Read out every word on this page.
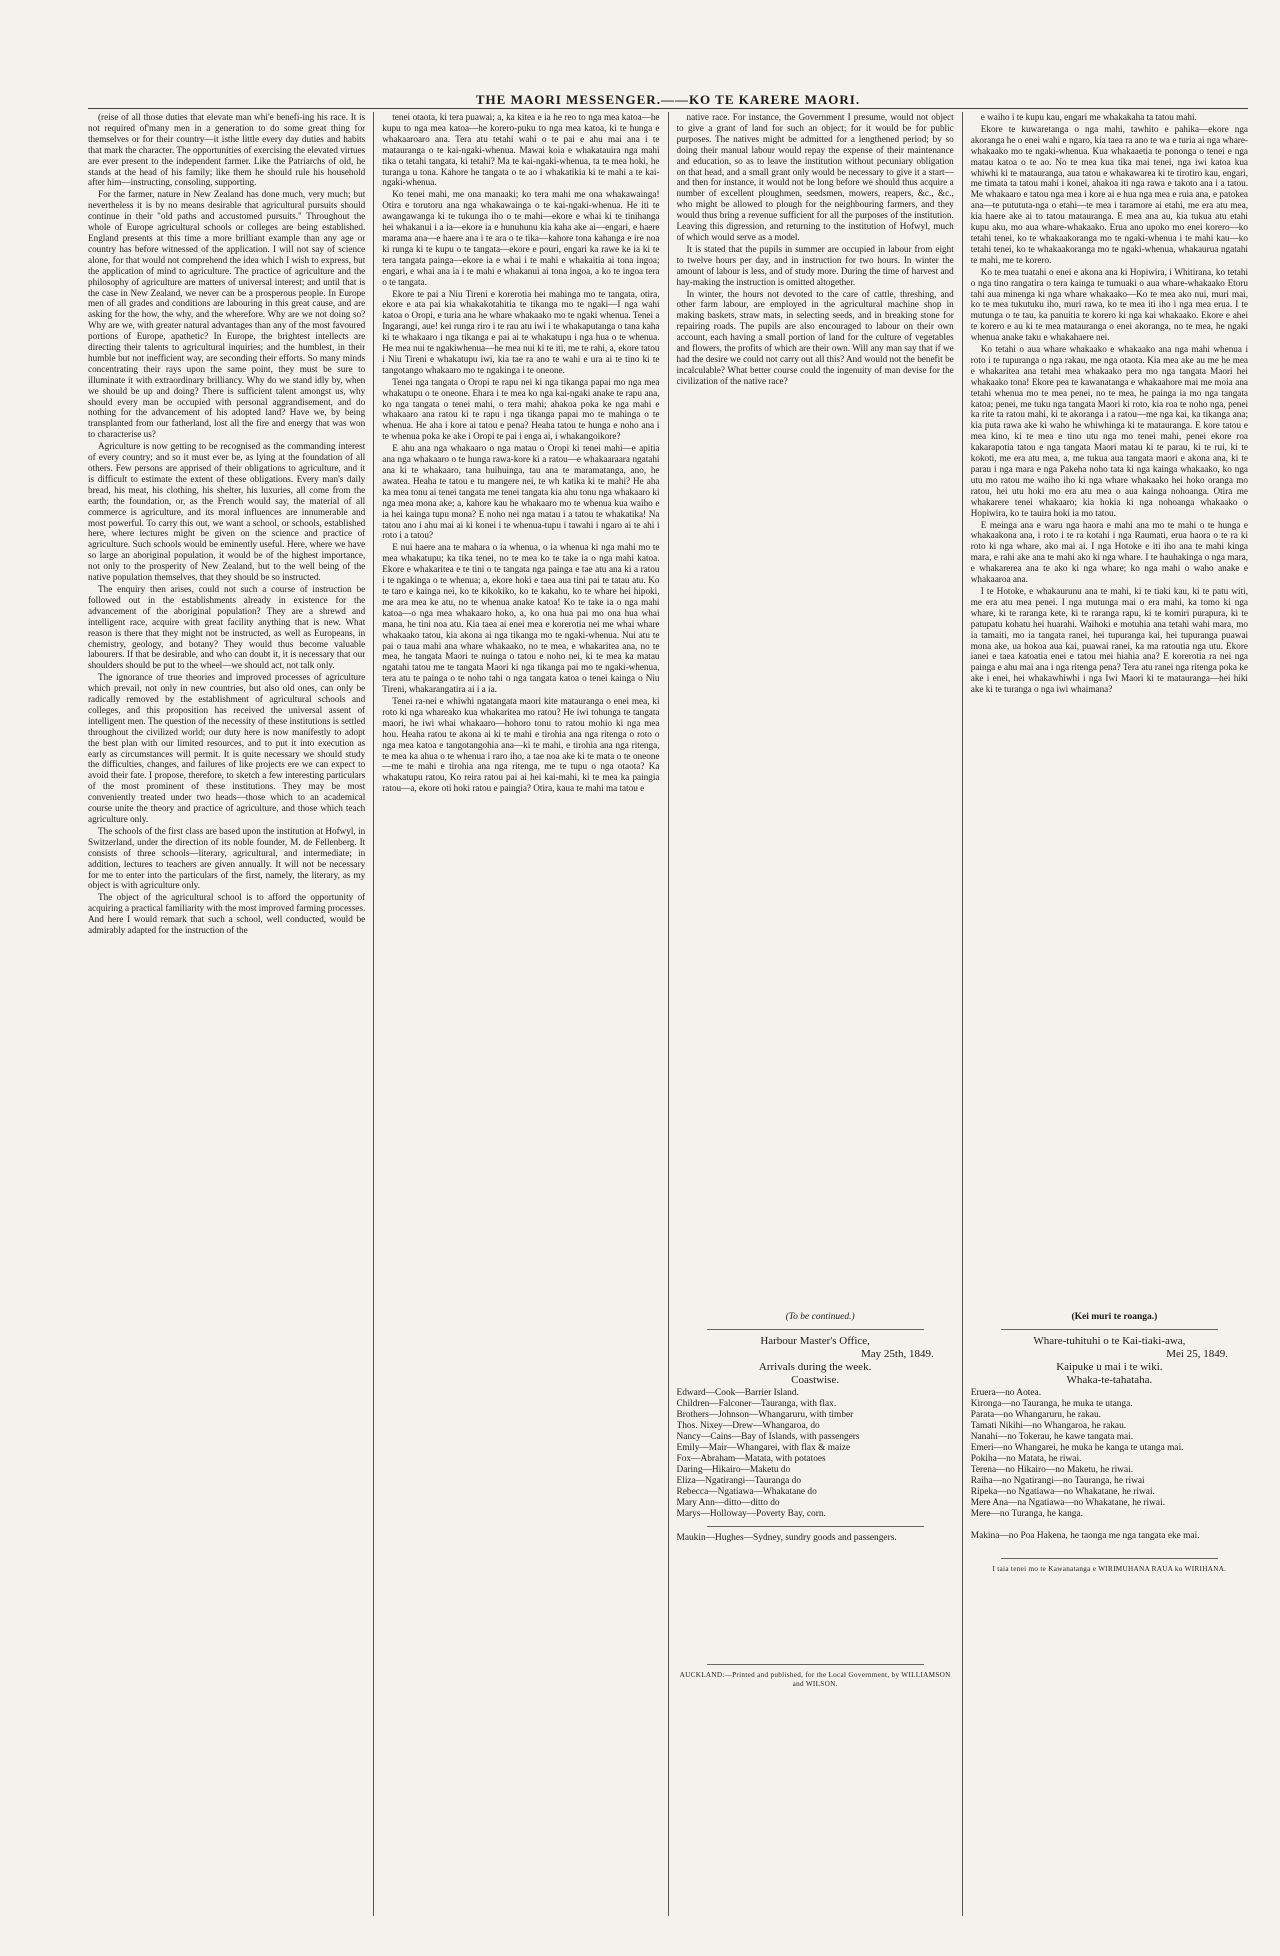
THE MAORI MESSENGER.——KO TE KARERE MAORI.

(reise of all those duties that elevate man whi'e benefi-ing his race. It is not required of'many men in a generation to do some great thing for themselves or for their country—it isthe little every day duties and habits that mark the character. The opportunities of exercising the elevated virtues are ever present to the independent farmer. Like the Patriarchs of old, he stands at the head of his family; like them he should rule his household after him—instructing, consoling, supporting.

For the farmer, nature in New Zealand has done much, very much; but nevertheless it is by no means desirable that agricultural pursuits should continue in their "old paths and accustomed pursuits." Throughout the whole of Europe agricultural schools or colleges are being established. England presents at this time a more brilliant example than any age or country has before witnessed of the application. I will not say of science alone, for that would not comprehend the idea which I wish to express, but the application of mind to agriculture. The practice of agriculture and the philosophy of agriculture are matters of universal interest; and until that is the case in New Zealand, we never can be a prosperous people. In Europe men of all grades and conditions are labouring in this great cause, and are asking for the how, the why, and the wherefore. Why are we not doing so? Why are we, with greater natural advantages than any of the most favoured portions of Europe, apathetic? In Europe, the brightest intellects are directing their talents to agricultural inquiries; and the humblest, in their humble but not inefficient way, are seconding their efforts. So many minds concentrating their rays upon the same point, they must be sure to illuminate it with extraordinary brilliancy. Why do we stand idly by, when we should be up and doing? There is sufficient talent amongst us, why should every man be occupied with personal aggrandisement, and do nothing for the advancement of his adopted land? Have we, by being transplanted from our fatherland, lost all the fire and energy that was won to characterise us?

Agriculture is now getting to be recognised as the commanding interest of every country; and so it must ever be, as lying at the foundation of all others. Few persons are apprised of their obligations to agriculture, and it is difficult to estimate the extent of these obligations. Every man's daily bread, his meat, his clothing, his shelter, his luxuries, all come from the earth; the foundation, or, as the French would say, the material of all commerce is agriculture, and its moral influences are innumerable and most powerful. To carry this out, we want a school, or schools, established here, where lectures might be given on the science and practice of agriculture. Such schools would be eminently useful. Here, where we have so large an aboriginal population, it would be of the highest importance, not only to the prosperity of New Zealand, but to the well being of the native population themselves, that they should be so instructed.

The enquiry then arises, could not such a course of instruction be followed out in the establishments already in existence for the advancement of the aboriginal population? They are a shrewd and intelligent race, acquire with great facility anything that is new. What reason is there that they might not be instructed, as well as Europeans, in chemistry, geology, and botany? They would thus become valuable labourers. If that be desirable, and who can doubt it, it is necessary that our shoulders should be put to the wheel—we should act, not talk only.

The ignorance of true theories and improved processes of agriculture which prevail, not only in new countries, but also old ones, can only be radically removed by the establishment of agricultural schools and colleges, and this proposition has received the universal assent of intelligent men. The question of the necessity of these institutions is settled throughout the civilized world; our duty here is now manifestly to adopt the best plan with our limited resources, and to put it into execution as early as circumstances will permit. It is quite necessary we should study the difficulties, changes, and failures of like projects ere we can expect to avoid their fate. I propose, therefore, to sketch a few interesting particulars of the most prominent of these institutions. They may be most conveniently treated under two heads—those which to an academical course unite the theory and practice of agriculture, and those which teach agriculture only.

The schools of the first class are based upon the institution at Hofwyl, in Switzerland, under the direction of its noble founder, M. de Fellenberg. It consists of three schools—literary, agricultural, and intermediate; in addition, lectures to teachers are given annually. It will not be necessary for me to enter into the particulars of the first, namely, the literary, as my object is with agriculture only.

The object of the agricultural school is to afford the opportunity of acquiring a practical familiarity with the most improved farming processes. And here I would remark that such a school, well conducted, would be admirably adapted for the instruction of the

tenei otaota, ki tera puawai; a, ka kitea e ia he reo to nga mea katoa—he kupu to nga mea katoa—he korero-puku to nga mea katoa, ki te hunga e whakaaroaro ana. Tera atu tetahi wahi o te pai e ahu mai ana i te mataurangа o te kai-ngaki-whenua. Mawai koia e whakatauira nga mahi tika o tetahi tangata, ki tetahi? Ma te kai-ngaki-whenua, ta te mea hoki, he turanga u tona. Kahore he tangata o te ao i whakatikia ki te mahi a te kai-ngaki-whenua.

Ko tenei mahi, me ona manaaki; ko tera mahi me ona whakawainga! Otira e torutoru ana nga whakawainga o te kai-ngaki-whenua. He iti te awangawanga ki te tukunga iho o te mahi—ekore e whai ki te tinihanga hei whakanui i a ia—ekore ia e hunuhunu kia kaha ake ai—engari, e haere marama ana—e haere ana i te ara o te tika—kahore tona kahanga e ire noa ki runga ki te kupu o te tangata—ekore e pouri, engari ka rawe ke ia ki te tera tangata painga—ekore ia e whai i te mahi e whakaitia ai tona ingoa; engari, e whai ana ia i te mahi e whakanui ai tona ingoa, a ko te ingoa tera o te tangata.

Ekore te pai a Niu Tireni e korerotia hei mahinga mo te tangata, otira, ekore e ata pai kia whakakotahitia te tikanga mo te ngaki—I nga wahi katoa o Oropi, e turia ana he whare whakaako mo te ngaki whenua. Tenei a Ingarangi, aue! kei runga riro i te rau atu iwi i te whakaputanga o tana kaha ki te whakaaro i nga tikanga e pai ai te whakatupu i nga hua o te whenua. He mea nui te ngakiwhenua—he mea nui ki te iti, me te rahi, a, ekore tatou i Niu Tireni e whakatupu iwi, kia tae ra ano te wahi e ura ai te tino ki te tangotango whakaaro mo te ngakinga i te oneone.

Tenei nga tangata o Oropi te rapu nei ki nga tikanga papai mo nga mea whakatupu o te oneone. Ehara i te mea ko nga kai-ngaki anake te rapu ana, ko nga tangata o tenei mahi, o tera mahi; ahakoa poka ke nga mahi e whakaaro ana ratou ki te rapu i nga tikanga papai mo te mahinga o te whenua. He aha i kore ai tatou e pena? Heaha tatou te hunga e noho ana i te whenua poka ke ake i Oropi te pai i enga ai, i whakangoikore?

E ahu ana nga whakaaro o nga matau o Oropi ki tenei mahi—e apitia ana nga whakaaro o te hunga rawa-kore ki a ratou—e whakaaraara ngatahi ana ki te whakaaro, tana huihuinga, tau ana te maramatanga, ano, he awatea. Heaha te tatou e tu mangere nei, te wh katika ki te mahi? He aha ka mea tonu ai tenei tangata me tenei tangata kia ahu tonu nga whakaaro ki nga mea mona ake; a, kahore kau he whakaaro mo te whenua kua waiho e ia hei kainga tupu mona? E noho nei nga matau i a tatou te whakatika! Na tatou ano i ahu mai ai ki konei i te whenua-tupu i tawahi i ngaro ai te ahi i roto i a tatou?

E nui haere ana te mahara o ia whenua, o ia whenua ki nga mahi mo te mea whakatupu; ka tika tenei, no te mea ko te take ia o nga mahi katoa. Ekore e whakaritea e te tini o te tangata nga painga e tae atu ana ki a ratou i te ngakinga o te whenua; a, ekore hoki e taea aua tini pai te tatau atu. Ko te taro e kainga nei, ko te kikokiko, ko te kakahu, ko te whare hei hipoki, me ara mea ke atu, no te whenua anake katoa! Ko te take ia o nga mahi katoa—o nga mea whakaaro hoko, a, ko ona hua pai mo ona hua whai mana, he tini noa atu. Kia taea ai enei mea e korerotia nei me whai whare whakaako tatou, kia akona ai nga tikanga mo te ngaki-whenua. Nui atu te pai o taua mahi ana whare whakaako, no te mea, e whakaritea ana, no te mea, he tangata Maori te nuinga o tatou e noho nei, ki te mea ka matau ngatahi tatou me te tangata Maori ki nga tikanga pai mo te ngaki-whenua, tera atu te painga o te noho tahi o nga tangata katoa o tenei kainga o Niu Tireni, whakarangatira ai i a ia.

Tenei ra-nei e whiwhi ngatangata maori kite matauranga o enei mea, ki roto ki nga whareako kua whakaritea mo ratou? He iwi tohunga te tangata maori, he iwi whai whakaaro—hohoro tonu to ratou mohio ki nga mea hou. Heaha ratou te akona ai ki te mahi e tirohia ana nga ritenga o roto o nga mea katoa e tangotangohia ana—ki te mahi, e tirohia ana nga ritenga, te mea ka ahua o te whenua i raro iho, a tae noa ake ki te mata o te oneone—me te mahi e tirohia ana nga ritenga, me te tupu o nga otaota? Ka whakatupu ratou, Ko reira ratou pai ai hei kai-mahi, ki te mea ka paingia ratou—a, ekore oti hoki ratou e paingia? Otira, kaua te mahi ma tatou e

native race. For instance, the Government I presume, would not object to give a grant of land for such an object; for it would be for public purposes. The natives might be admitted for a lengthened period; by so doing their manual labour would repay the expense of their maintenance and education, so as to leave the institution without pecuniary obligation on that head, and a small grant only would be necessary to give it a start—and then for instance, it would not be long before we should thus acquire a number of excellent ploughmen, seedsmen, mowers, reapers, &c., &c., who might be allowed to plough for the neighbouring farmers, and they would thus bring a revenue sufficient for all the purposes of the institution. Leaving this digression, and returning to the institution of Hofwyl, much of which would serve as a model.

It is stated that the pupils in summer are occupied in labour from eight to twelve hours per day, and in instruction for two hours. In winter the amount of labour is less, and of study more. During the time of harvest and hay-making the instruction is omitted altogether.

In winter, the hours not devoted to the care of cattle, threshing, and other farm labour, are employed in the agricultural machine shop in making baskets, straw mats, in selecting seeds, and in breaking stone for repairing roads. The pupils are also encouraged to labour on their own account, each having a small portion of land for the culture of vegetables and flowers, the profits of which are their own. Will any man say that if we had the desire we could not carry out all this? And would not the benefit be incalculable? What better course could the ingenuity of man devise for the civilization of the native race?

(To be continued.)

Harbour Master's Office,
May 25th, 1849.
Arrivals during the week.
Coastwise.
Edward—Cook—Barrier Island.
Children—Falconer—Tauranga, with flax.
Brothers—Johnson—Whangaruru, with timber
Thos. Nixey—Drew—Whangaroa, do
Nancy—Cains—Bay of Islands, with passengers
Emily—Mair—Whangarei, with flax & maize
Fox—Abraham—Matata, with potatoes
Daring—Hikairo—Maketu do
Eliza—Ngatirangi—Tauranga do
Rebecca—Ngatiawa—Whakatane do
Mary Ann—ditto—ditto do
Marys—Holloway—Poverty Bay, corn.
Maukin—Hughes—Sydney, sundry goods and passengers.
AUCKLAND:—Printed and published, for the Local Government, by WILLIAMSON and WILSON.

e waiho i te kupu kau, engari me whakakaha ta tatou mahi.

Ekore te kuwaretanga o nga mahi, tawhito e pahika—ekore nga akoranga he o enei wahi e ngaro, kia taea ra ano te wa e turia ai nga whare-whakaako mo te ngaki-whenua. Kua whakaaetia te pononga o tenei e nga matau katoa o te ao. No te mea kua tika mai tenei, nga iwi katoa kua whiwhi ki te matauranga, aua tatou e whakawarea ki te tirotiro kau, engari, me timata ta tatou mahi i konei, ahakoa iti nga rawa e takoto ana i a tatou. Me whakaaro e tatou nga mea i kore ai e hua nga mea e ruia ana, e patokea ana—te putututa-nga o etahi—te mea i taramore ai etahi, me era atu mea, kia haere ake ai to tatou matauranga. E mea ana au, kia tukua atu etahi kupu aku, mo aua whare-whakaako. Erua ano upoko mo enei korero—ko tetahi tenei, ko te whakaakoranga mo te ngaki-whenua i te mahi kau—ko tetahi tenei, ko te whakaakoranga mo te ngaki-whenua, whakaurua ngatahi te mahi, me te korero.

Ko te mea tuatahi o enei e akona ana ki Hopiwira, i Whitirana, ko tetahi o nga tino rangatira o tera kainga te tumuaki o aua whare-whakaako Etoru tahi aua minenga ki nga whare whakaako—Ko te mea ako nui, muri mai, ko te mea tukutuku iho, muri rawa, ko te mea iti iho i nga mea erua. I te mutunga o te tau, ka panuitia te korero ki nga kai whakaako. Ekore e ahei te korero e au ki te mea matauranga o enei akoranga, no te mea, he ngaki whenua anake taku e whakahaere nei.

Ko tetahi o aua whare whakaako e whakaako ana nga mahi whenua i roto i te tupuranga o nga rakau, me nga otaota. Kia mea ake au me he mea e whakaritea ana tetahi mea whakaako pera mo nga tangata Maori hei whakaako tona! Ekore pea te kawanatanga e whakaahore mai me moia ana tetahi whenua mo te mea penei, no te mea, he painga ia mo nga tangata katoa; penei, me tuku nga tangata Maori ki roto, kia roa te noho nga, penei ka rite ta ratou mahi, ki te akoranga i a ratou—me nga kai, ka tikanga ana; kia puta rawa ake ki waho he whiwhinga ki te matauranga. E kore tatou e mea kino, ki te mea e tino utu nga mo tenei mahi, penei ekore roa kakarapotia tatou e nga tangata Maori matau ki te parau, ki te rui, ki te kokoti, me era atu mea, a, me tukua aua tangata maori e akona ana, ki te parau i nga mara e nga Pakeha noho tata ki nga kainga whakaako, ko nga utu mo ratou me waiho iho ki nga whare whakaako hei hoko oranga mo ratou, hei utu hoki mo era atu mea o aua kainga nohoanga. Otira me whakarere tenei whakaaro; kia hokia ki nga nohoanga whakaako o Hopiwira, ko te tauira hoki ia mo tatou.

E meinga ana e waru nga haora e mahi ana mo te mahi o te hunga e whakaakona ana, i roto i te ra kotahi i nga Raumati, erua haora o te ra ki roto ki nga whare, ako mai ai. I nga Hotoke e iti iho ana te mahi kinga mara, e rahi ake ana te mahi ako ki nga whare. I te hauhakinga o nga mara, e whakarerea ana te ako ki nga whare; ko nga mahi o waho anake e whakaaroa ana.

I te Hotoke, e whakaurunu ana te mahi, ki te tiaki kau, ki te patu witi, me era atu mea penei. I nga mutunga mai o era mahi, ka tomo ki nga whare, ki te raranga kete, ki te raranga rapu, ki te komiri purapura, ki te patupatu kohatu hei huarahi. Waihoki e motuhia ana tetahi wahi mara, mo ia tamaiti, mo ia tangata ranei, hei tupuranga kai, hei tupuranga puawai mona ake, ua hokoa aua kai, puawai ranei, ka ma ratoutia nga utu. Ekore ianei e taea katoatia enei e tatou mei hiahia ana? E korerotia ra nei nga painga e ahu mai ana i nga ritenga pena? Tera atu ranei nga ritenga poka ke ake i enei, hei whakawhiwhi i nga Iwi Maori ki te matauranga—hei hiki ake ki te turanga o nga iwi whaimana?

(Kei muri te roanga.)

Whare-tuhituhi o te Kai-tiaki-awa,
Mei 25, 1849.
Kaipuke u mai i te wiki.
Whaka-te-tahataha.
Eruera—no Aotea.
Kironga—no Tauranga, he muka te utanga.
Parata—no Whangaruru, he rakau.
Tamati Nikihi—no Whangaroa, he rakau.
Nanahi—no Tokerau, he kawe tangata mai.
Emeri—no Whangarei, he muka he kanga te utanga mai.
Pokiha—no Matata, he riwai.
Terena—no Hikairo—no Maketu, he riwai.
Raiha—no Ngatirangi—no Tauranga, he riwai
Ripeka—no Ngatiawa—no Whakatane, he riwai.
Mere Ana—na Ngatiawa—no Whakatane, he riwai.
Mere—no Turanga, he kanga.

Makina—no Poa Hakena, he taonga me nga tangata eke mai.
I taia tenei mo te Kawanatanga e WIRIMUHANA RAUA ko WIRIHANA.
